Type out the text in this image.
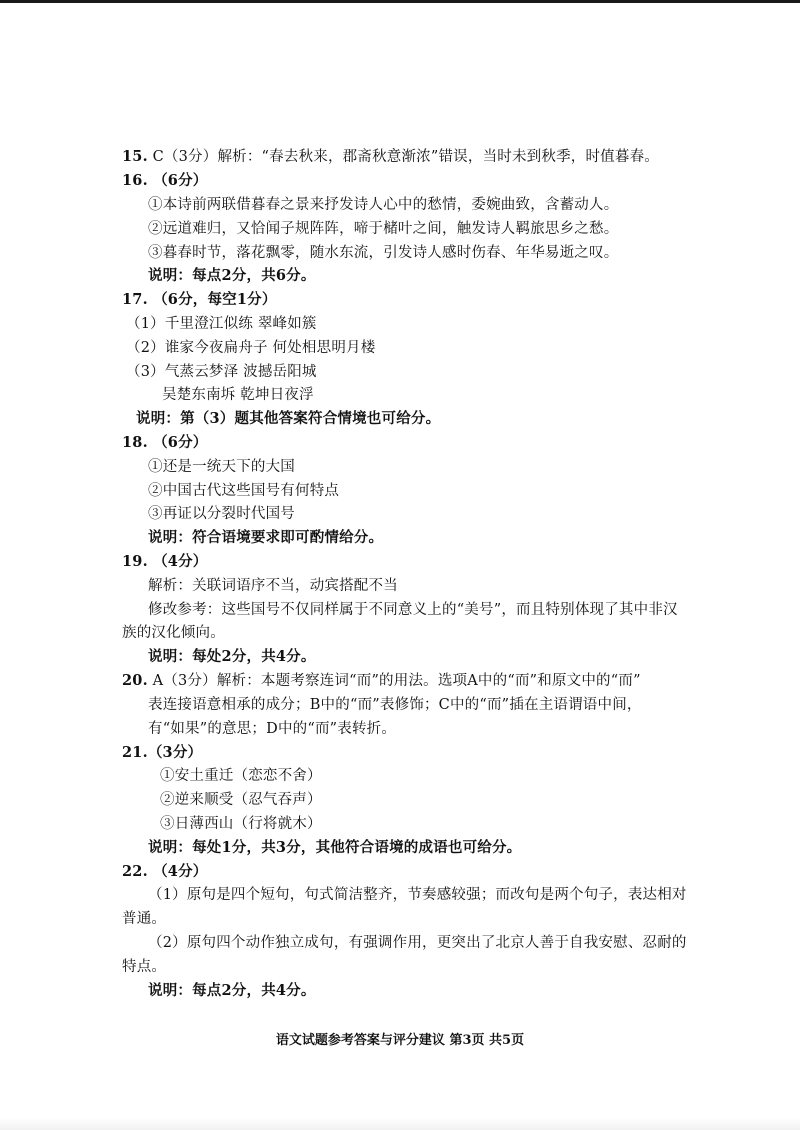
15. C（3分）解析：“春去秋来，郡斋秋意渐浓”错误，当时未到秋季，时值暮春。
16. （6分）
①本诗前两联借暮春之景来抒发诗人心中的愁情，委婉曲致，含蓄动人。
②远道难归，又恰闻子规阵阵，啼于槠叶之间，触发诗人羁旅思乡之愁。
③暮春时节，落花飘零，随水东流，引发诗人感时伤春、年华易逝之叹。
说明：每点2分，共6分。
17. （6分，每空1分）
（1）千里澄江似练 翠峰如簇
（2）谁家今夜扁舟子 何处相思明月楼
（3）气蒸云梦泽 波撼岳阳城
吴楚东南坼 乾坤日夜浮
说明：第（3）题其他答案符合情境也可给分。
18. （6分）
①还是一统天下的大国
②中国古代这些国号有何特点
③再证以分裂时代国号
说明：符合语境要求即可酌情给分。
19. （4分）
解析：关联词语序不当，动宾搭配不当
修改参考：这些国号不仅同样属于不同意义上的“美号”，而且特别体现了其中非汉
族的汉化倾向。
说明：每处2分，共4分。
20. A（3分）解析：本题考察连词“而”的用法。选项A中的“而”和原文中的“而”
表连接语意相承的成分；B中的“而”表修饰；C中的“而”插在主语谓语中间，
有“如果”的意思；D中的“而”表转折。
21.（3分）
①安土重迁（恋恋不舍）
②逆来顺受（忍气吞声）
③日薄西山（行将就木）
说明：每处1分，共3分，其他符合语境的成语也可给分。
22. （4分）
（1）原句是四个短句，句式简洁整齐，节奏感较强；而改句是两个句子，表达相对
普通。
（2）原句四个动作独立成句，有强调作用，更突出了北京人善于自我安慰、忍耐的
特点。
说明：每点2分，共4分。
语文试题参考答案与评分建议 第3页 共5页
